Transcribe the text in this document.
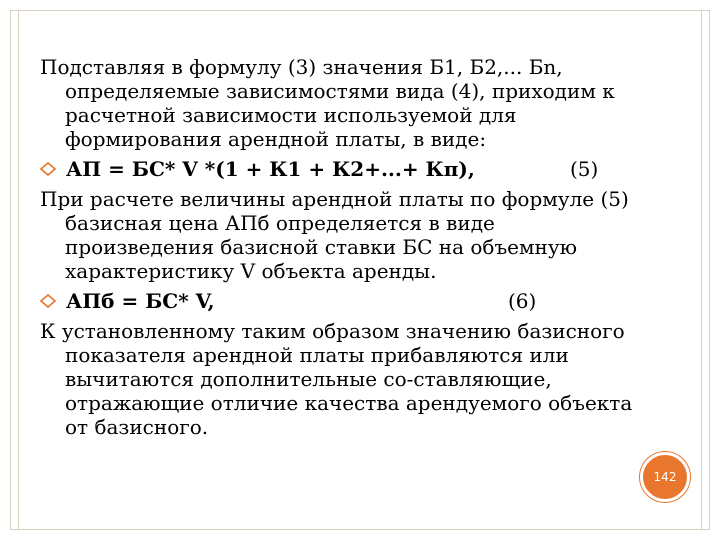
Подставляя в формулу (3) значения Б1, Б2,... Бn, определяемые зависимостями вида (4), приходим к расчетной зависимости используемой для формирования арендной платы, в виде:

АП = БС* V *(1 + К1 + К2+...+ Кп),	(5)

При расчете величины арендной платы по формуле (5) базисная цена АПб определяется в виде произведения базисной ставки БС на объемную характеристику V объекта аренды.

АПб = БС* V,	(6)

К установленному таким образом значению базисного показателя арендной платы прибавляются или вычитаются дополнительные со-ставляющие, отражающие отличие качества арендуемого объекта от базисного.

142
